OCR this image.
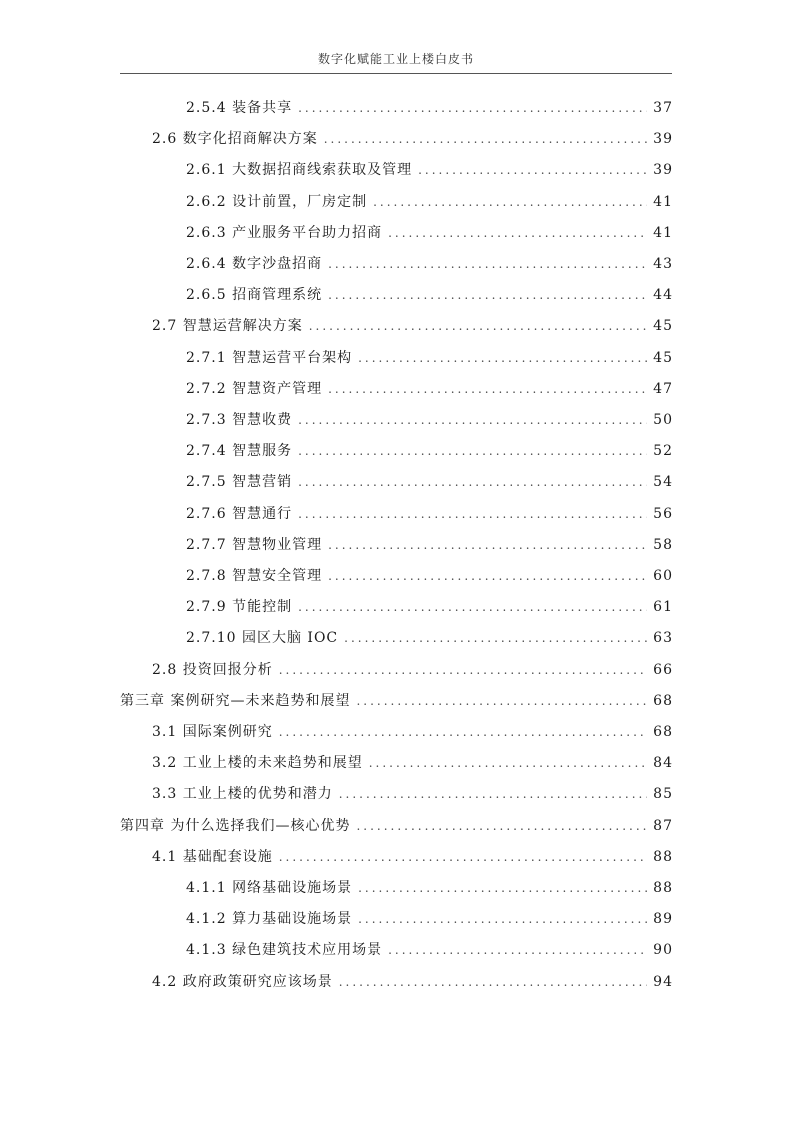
数字化赋能工业上楼白皮书
2.5.4 装备共享 .....	37
2.6 数字化招商解决方案 .....	39
2.6.1 大数据招商线索获取及管理 .....	39
2.6.2 设计前置，厂房定制 .....	41
2.6.3 产业服务平台助力招商 .....	41
2.6.4 数字沙盘招商 .....	43
2.6.5 招商管理系统 .....	44
2.7 智慧运营解决方案 .....	45
2.7.1 智慧运营平台架构 .....	45
2.7.2 智慧资产管理 .....	47
2.7.3 智慧收费 .....	50
2.7.4 智慧服务 .....	52
2.7.5 智慧营销 .....	54
2.7.6 智慧通行 .....	56
2.7.7 智慧物业管理 .....	58
2.7.8 智慧安全管理 .....	60
2.7.9 节能控制 .....	61
2.7.10 园区大脑 IOC .....	63
2.8 投资回报分析 .....	66
第三章 案例研究—未来趋势和展望 .....	68
3.1 国际案例研究 .....	68
3.2 工业上楼的未来趋势和展望 .....	84
3.3 工业上楼的优势和潜力 .....	85
第四章 为什么选择我们—核心优势 .....	87
4.1 基础配套设施 .....	88
4.1.1 网络基础设施场景 .....	88
4.1.2 算力基础设施场景 .....	89
4.1.3 绿色建筑技术应用场景 .....	90
4.2 政府政策研究应该场景 .....	94
